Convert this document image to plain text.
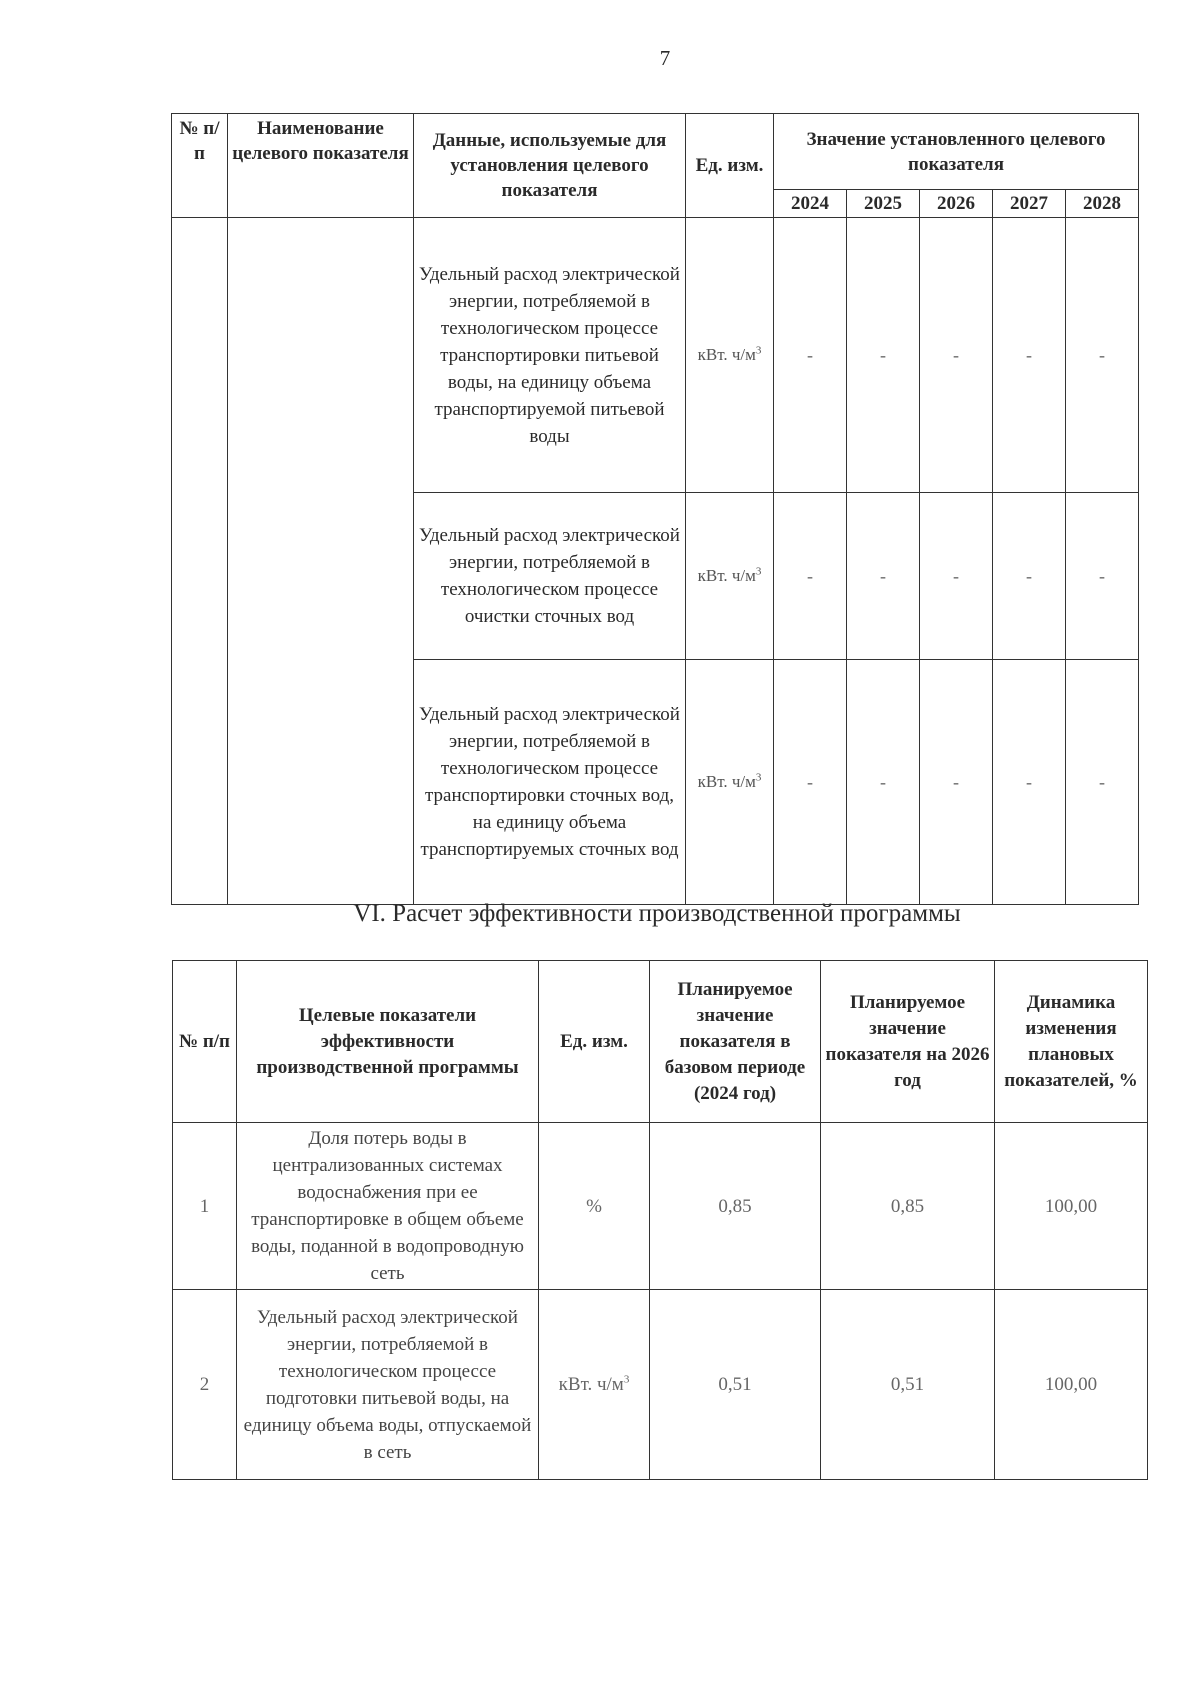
7
№ п/п	Наименование целевого показателя	Данные, используемые для установления целевого показателя	Ед. изм.	Значение установленного целевого показателя				
				2024	2025	2026	2027	2028
		Удельный расход электрической энергии, потребляемой в технологическом процессе транспортировки питьевой воды, на единицу объема транспортируемой питьевой воды	кВт. $ч/м^3$	-	-	-	-	-
		Удельный расход электрической энергии, потребляемой в технологическом процессе очистки сточных вод	кВт. $ч/м^3$	-	-	-	-	-
		Удельный расход электрической энергии, потребляемой в технологическом процессе транспортировки сточных вод, на единицу объема транспортируемых сточных вод	кВт. $ч/м^3$	-	-	-	-	-
VI. Расчет эффективности производственной программы
№ п/п	Целевые показатели эффективности производственной программы	Ед. изм.	Планируемое значение показателя в базовом периоде (2024 год)	Планируемое значение показателя на 2026 год	Динамика изменения плановых показателей, %
1	Доля потерь воды в централизованных системах водоснабжения при ее транспортировке в общем объеме воды, поданной в водопроводную сеть	%	0,85	0,85	100,00
2	Удельный расход электрической энергии, потребляемой в технологическом процессе подготовки питьевой воды, на единицу объема воды, отпускаемой в сеть	кВт. $ч/м^3$	0,51	0,51	100,00
